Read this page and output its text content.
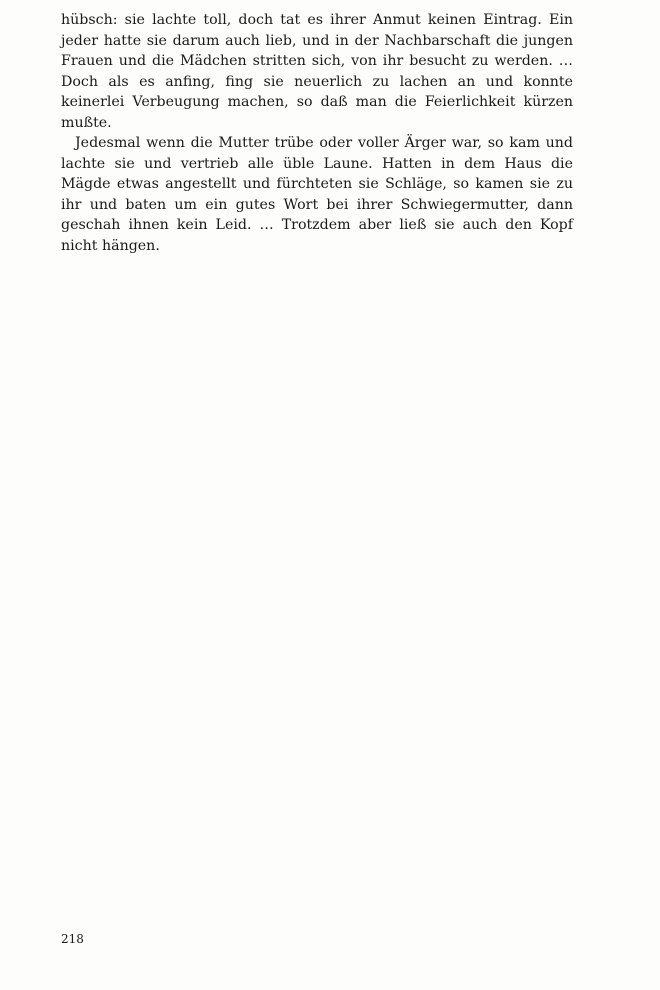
hübsch: sie lachte toll, doch tat es ihrer Anmut keinen Eintrag. Ein jeder hatte sie darum auch lieb, und in der Nachbarschaft die jungen Frauen und die Mädchen stritten sich, von ihr besucht zu werden. … Doch als es anfing, fing sie neuerlich zu lachen an und konnte keinerlei Verbeugung machen, so daß man die Feierlichkeit kürzen mußte.

Jedesmal wenn die Mutter trübe oder voller Ärger war, so kam und lachte sie und vertrieb alle üble Laune. Hatten in dem Haus die Mägde etwas angestellt und fürchteten sie Schläge, so kamen sie zu ihr und baten um ein gutes Wort bei ihrer Schwiegermutter, dann geschah ihnen kein Leid. … Trotzdem aber ließ sie auch den Kopf nicht hängen.

218
